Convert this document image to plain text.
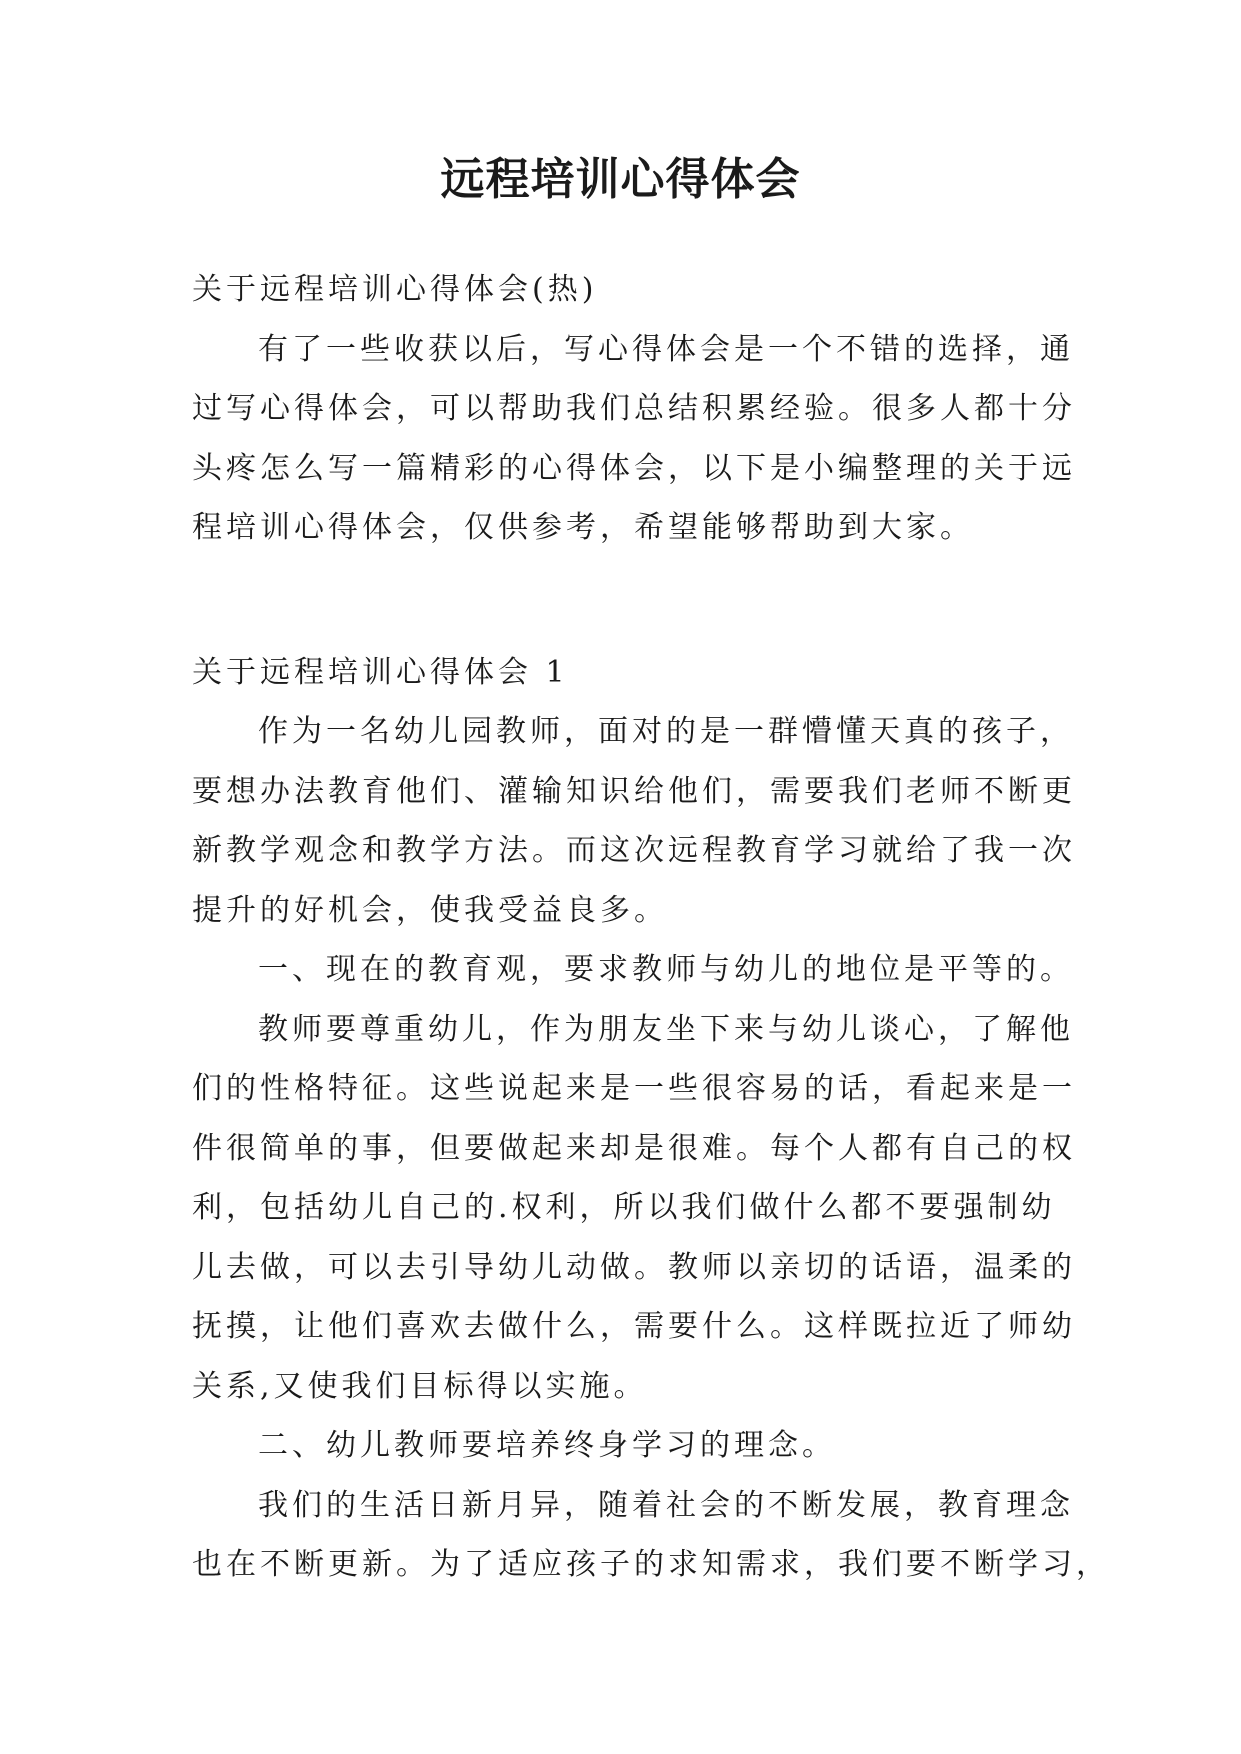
远程培训心得体会
关于远程培训心得体会(热)
有了一些收获以后，写心得体会是一个不错的选择，通
过写心得体会，可以帮助我们总结积累经验。很多人都十分
头疼怎么写一篇精彩的心得体会，以下是小编整理的关于远
程培训心得体会，仅供参考，希望能够帮助到大家。
关于远程培训心得体会 1
作为一名幼儿园教师，面对的是一群懵懂天真的孩子，
要想办法教育他们、灌输知识给他们，需要我们老师不断更
新教学观念和教学方法。而这次远程教育学习就给了我一次
提升的好机会，使我受益良多。
一、现在的教育观，要求教师与幼儿的地位是平等的。
教师要尊重幼儿，作为朋友坐下来与幼儿谈心，了解他
们的性格特征。这些说起来是一些很容易的话，看起来是一
件很简单的事，但要做起来却是很难。每个人都有自己的权
利，包括幼儿自己的.权利，所以我们做什么都不要强制幼
儿去做，可以去引导幼儿动做。教师以亲切的话语，温柔的
抚摸，让他们喜欢去做什么，需要什么。这样既拉近了师幼
关系,又使我们目标得以实施。
二、幼儿教师要培养终身学习的理念。
我们的生活日新月异，随着社会的不断发展，教育理念
也在不断更新。为了适应孩子的求知需求，我们要不断学习，
